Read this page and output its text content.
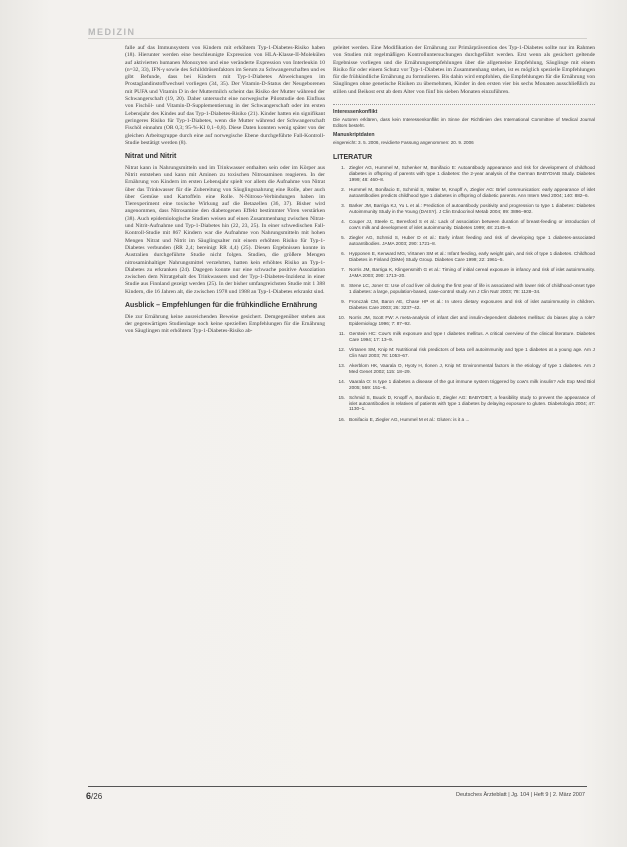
MEDIZIN

falle auf das Immunsystem von Kindern mit erhöhtem Typ-1-Diabetes-Risiko haben (18). Hierunter werden eine beschleunigte Expression von HLA-Klasse-II-Molekülen auf aktivierten humanen Monozyten und eine veränderte Expression von Interleukin 10 (n=32, 33), IFN-γ sowie des Schilddrüsenfaktors im Serum zu Schwangerschaften und es gibt Befunde, dass bei Kindern mit Typ-1-Diabetes Abweichungen im Prostaglandinstoffwechsel vorliegen (34, 35). Der Vitamin-D-Status der Neugeborenen mit PUFA und Vitamin D in der Muttermilch scheint das Risiko der Mutter während der Schwangerschaft (19, 20). Daher untersucht eine norwegische Pilotstudie den Einfluss von Fischöl- und Vitamin-D-Supplementierung in der Schwangerschaft oder im ersten Lebensjahr des Kindes auf das Typ-1-Diabetes-Risiko (21). Kinder hatten ein signifikant geringeres Risiko für Typ-1-Diabetes, wenn die Mutter während der Schwangerschaft Fischöl einnahm (OR 0,3; 95-%-KI 0,1–0,8). Diese Daten konnten wenig später von der gleichen Arbeitsgruppe durch eine auf norwegische Ebene durchgeführte Fall-Kontroll-Studie bestätigt werden (8).

Nitrat und Nitrit

Nitrat kann in Nahrungsmitteln und im Trinkwasser enthalten sein oder im Körper aus Nitrit entstehen und kann mit Aminen zu toxischen Nitrosaminen reagieren. In der Ernährung von Kindern im ersten Lebensjahr spielt vor allem die Aufnahme von Nitrat über das Trinkwasser für die Zubereitung von Säuglingsnahrung eine Rolle, aber auch über Gemüse und Kartoffeln eine Rolle. N-Nitroso-Verbindungen haben im Tierexperiment eine toxische Wirkung auf die Betazellen (36, 37). Bisher wird angenommen, dass Nitrosamine den diabetogenen Effekt bestimmter Viren verstärken (38). Auch epidemiologische Studien weisen auf einen Zusammenhang zwischen Nitrat- und Nitrit-Aufnahme und Typ-1-Diabetes hin (22, 23, 25). In einer schwedischen Fall-Kontroll-Studie mit 867 Kindern war die Aufnahme von Nahrungsmitteln mit hohen Mengen Nitrat und Nitrit im Säuglingsalter mit einem erhöhten Risiko für Typ-1-Diabetes verbunden (RR 2,4; bereinigt RR 4,4) (25). Diesen Ergebnissen konnte in Australien durchgeführte Studie nicht folgen. Studien, die größere Mengen nitrosaminhaltiger Nahrungsmittel verzehrten, hatten kein erhöhtes Risiko an Typ-1-Diabetes zu erkranken (24). Dagegen konnte nur eine schwache positive Assoziation zwischen dem Nitratgehalt des Trinkwassers und der Typ-1-Diabetes-Inzidenz in einer Studie aus Finnland gezeigt werden (25). In der bisher umfangreichsten Studie mit 1 388 Kindern, die 16 Jahren alt, die zwischen 1978 und 1988 an Typ-1-Diabetes erkrankt sind.

Ausblick – Empfehlungen für die frühkindliche Ernährung

Die zur Ernährung keine ausreichenden Beweise gesichert. Demgegenüber stehen aus der gegenwärtigen Studienlage noch keine speziellen Empfehlungen für die Ernährung von Säuglingen mit erhöhtem Typ-1-Diabetes-Risiko ab-

geleitet werden. Eine Modifikation der Ernährung zur Primärprävention des Typ-1-Diabetes sollte nur im Rahmen von Studien mit regelmäßigen Kontrolluntersuchungen durchgeführt werden. Erst wenn als gesichert geltende Ergebnisse vorliegen und die Ernährungsempfehlungen über die allgemeine Empfehlung, Säuglinge mit einem Risiko für oder einem Schutz vor Typ-1-Diabetes im Zusammenhang stehen, ist es möglich spezielle Empfehlungen für die frühkindliche Ernährung zu formulieren. Bis dahin wird empfohlen, die Empfehlungen für die Ernährung von Säuglingen ohne genetische Risiken zu übernehmen, Kinder in den ersten vier bis sechs Monaten ausschließlich zu stillen und Beikost erst ab dem Alter von fünf bis sieben Monaten einzuführen.

Interessenkonflikt
Die Autoren erklären, dass kein Interessenkonflikt im Sinne der Richtlinien des International Committee of Medical Journal Editors besteht.
Manuskriptdaten
eingereicht: 3. 5. 2006, revidierte Fassung angenommen: 20. 9. 2006
LITERATUR
1. Ziegler AG, Hummel M, Schenker M, Bonifacio E: Autoantibody appearance and risk for development of childhood diabetes in offspring of parents with type 1 diabetes: the 2-year analysis of the German BABYDIAB Study. Diabetes 1999; 48: 460–8.
2. Hummel M, Bonifacio E, Schmid S, Walter M, Knopff A, Ziegler AG: Brief communication: early appearance of islet autoantibodies predicts childhood type 1 diabetes in offspring of diabetic parents. Ann Intern Med 2004; 140: 882–6.
3. Barker JM, Barriga KJ, Yu L et al.: Prediction of autoantibody positivity and progression to type 1 diabetes: Diabetes Autoimmunity Study in the Young (DAISY). J Clin Endocrinol Metab 2004; 89: 3896–902.
4. Couper JJ, Steele C, Beresford S et al.: Lack of association between duration of breast-feeding or introduction of cow's milk and development of islet autoimmunity. Diabetes 1999; 48: 2145–9.
5. Ziegler AG, Schmid S, Huber D et al.: Early infant feeding and risk of developing type 1 diabetes-associated autoantibodies. JAMA 2003; 290: 1721–8.
6. Hypponen E, Kenward MG, Virtanen SM et al.: Infant feeding, early weight gain, and risk of type 1 diabetes. Childhood Diabetes in Finland (DiMe) Study Group. Diabetes Care 1999; 22: 1961–5.
7. Norris JM, Barriga K, Klingensmith G et al.: Timing of initial cereal exposure in infancy and risk of islet autoimmunity. JAMA 2003; 290: 1713–20.
8. Stene LC, Joner G: Use of cod liver oil during the first year of life is associated with lower risk of childhood-onset type 1 diabetes: a large, population-based, case-control study. Am J Clin Nutr 2003; 78: 1128–34.
9. Fronczak CM, Baron AE, Chase HP et al.: In utero dietary exposures and risk of islet autoimmunity in children. Diabetes Care 2003; 26: 3237–42.
10. Norris JM, Scott FW: A meta-analysis of infant diet and insulin-dependent diabetes mellitus: do biases play a role? Epidemiology 1996; 7: 87–92.
11. Gerstein HC: Cow's milk exposure and type I diabetes mellitus. A critical overview of the clinical literature. Diabetes Care 1994; 17: 13–9.
12. Virtanen SM, Knip M: Nutritional risk predictors of beta cell autoimmunity and type 1 diabetes at a young age. Am J Clin Nutr 2003; 78: 1053–67.
13. Akerblom HK, Vaarala O, Hyoty H, Ilonen J, Knip M: Environmental factors in the etiology of type 1 diabetes. Am J Med Genet 2002; 115: 18–29.
14. Vaarala O: Is type 1 diabetes a disease of the gut immune system triggered by cow's milk insulin? Adv Exp Med Biol 2005; 569: 151–6.
15. Schmid S, Buuck D, Knopff A, Bonifacio E, Ziegler AG: BABYDIET, a feasibility study to prevent the appearance of islet autoantibodies in relatives of patients with type 1 diabetes by delaying exposure to gluten. Diabetologia 2004; 47: 1130–1.
16. Bonifacio E, Ziegler AG, Hummel M et al.: Gluten: is it a ...
6/26	Deutsches Ärzteblatt | Jg. 104 | Heft 9 | 2. März 2007
